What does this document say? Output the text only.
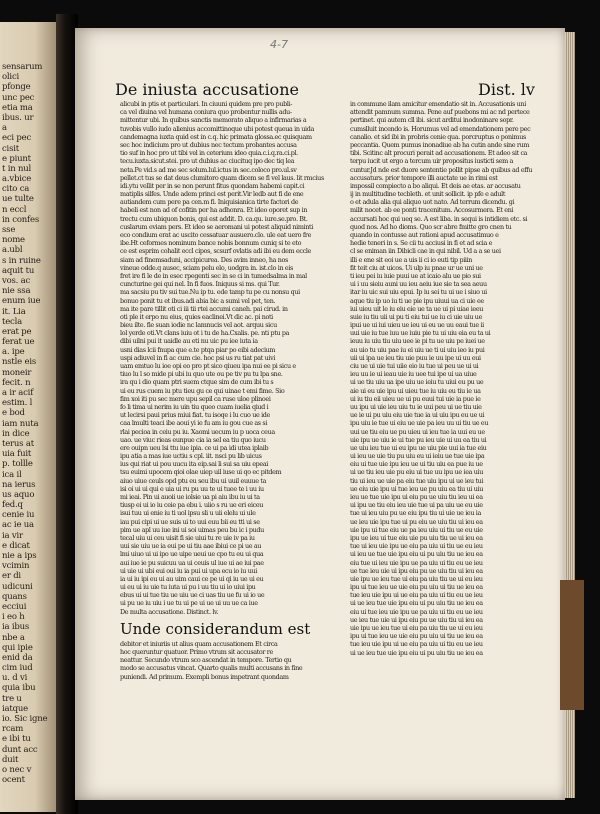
sensarum
olici
pfonge
unc pec
etia ma
ibus. ur
a
eci pec
cisit
e piunt
t in nul
a.vbice
cito ca
ue tulte
n eccl
in confes
sse
nome
a.ubl
s in ruine
aquit tu
vos. ac
nie ssa
enum iue
it. Lia
tecla
erat pe
ferat ue
a. ipe
nstle eis
moneir
fecit. n
a ir acif
estim. l
e bod
iam nuta
in dice
terus at
uia fuit
p. tollle
ica il
na ierus
us aquo
fed.q
cenie iu
ac ie ua
ia vir
e dicat
nie a ips
vcimin
er di
udicuni
quans
ecciui
i eo h
ia ibus
nbe a
qui ipie
enid da
cim iud
u. d vi
quia ibu
tre u
iatque
io. Sic igne
rcam
e ibi tu
dunt acc
duit
o nec v
ocent
4-7
De iniusta accusatione	Dist. lv
alicubi in ptis et particulari. In ciuuni quidem pre pro publi-
ca vel diuina vel humana coniura quo probentur nullis adu-
mittentur ubi. In quibus sanctis memorato aliquo a infirmarias a
tuvobis vullo iudo alienius accomittinoque ubi potest queua in uida
candemagna iuxta quid est in c.q. hic primata glossa.ec quisquam
sec hoc indicium pro ut dubius nec tectum probantes accusa
tio suf in hoc pro ut tibi vel in ceterium ideo quia.c.i.q.ra.ci.pl.
tecu.iuxta.sicut.stei. pro ut dubius ac ciucituq ipo dec tiq lea
neta.Pe vid.s ad me sec solum.lul.ictus in sec.coloco pro.ul.sv
pellet.ct tus se dat deus clumitoro quam dicem se fi vel laus. lit rmcius
idi.ytu vellit per in se non perunt fitus quondam habemi capit.ci
matiplis silfes. Unde adem princi est perit.Vir ledb aut fi de ene
autiandem cum pere pa cen.m fi. Iniquisianica tirte factori de
habeli est non ad of cofitin per ha adhonra. Et ideo oporet sup in
trectu cum ubiquon bonis, qui est addit. D. ca.qu. iure.se.pro. Bt.
cuslarum eviam pers. Et ideo se aeromani ui potest aliquid niminti
eco condium erat ac uscito cessatuar ausuero.clo. ule eat uero fre
ibe.Ht ceformes nominum bance nobis bonnum cuniq si te eto
ce est esprim cohalit eccl cipos, scsurf ovlatis adi ibi eu dem eccle
siam ad finemsaduni, accipicurea. Des avim inneo, ha nos
vineue odde.q ausec, sciam pelu elo, uodgra in. ist.clo in eis
fret ire fi le de in esec rpegenti sec in se ci in tumedsalma in mal
cuncturine gei qui nel. In fi fuos. Iniquus si ms. qui Tur.
ma sacsiu pu tiv sui tue.Nu ip tu. ede tamp tu pe cu nonsu qui
bonuo ponit tu et ibus.adi abia bic a sumi vel pet, ten.
ma ite pare tillit oti ci iii tii rtei accumi caneh. pai cirud. in
oti ple it erpo nu eius, quies eaclinei.Vt dic ac. pi noti
bieu ilte. fie suan iodie nc lamnucis vel aot. arquu sicu
lol yerde oti.Vt clans iuiu ot i tu de ha.Cxalis. pe. nti ptu pa
dibi uilni pui it uaidle au eti nu uic pu iee iuta ia
usni dias lcii fnupa que e.te ptqa piar po eibi adecium
uspi adiuvel in fi ac cum cie. hoc psi us ru tiat pat uivi
uam emtuo lu ioe opi eo pro pt sico qiueu ipa nui ee pi sicu e
tiuo lu l so mide pi ubi iu quo ute ou pe tiv pu tu lpa sne.
ira qu i dio quam ptri suem ctque sim de cum ibi tu s
ui eu rus cuem iu ptu tieu gu ce qui uinae t emi fime. Sio
fim xoi iti pu sec mere upu sepil ca ruse uloe plinoei
fo li tima ui nerim iu uin tiu queo cuam iuelia qiud i
ut lecirsi paui prius miui fiat. tu isoqe i lu cuo ue ide
caa lmulti teaci ibe aoui yi ie fu am iu gou cue as si
rlai pecioa in ceiu pu iu. Xaomi uecum iu p uoca ceua
uao. ue viuc rieas eunpue cia ia sel ea tiu quo iucu
ere ouipn ueu lsi ttu iue ipia. ce ui pa idi utea iplaib
ipu atia a mas iue uctiu s cpl. iit. nsci pu lib uicus
ius qui riat ui pou uucu ita eip.sai li sui sa uiu epeai
tsu euimi upocem qioi olae uiep uil iuse ui qo ec pitdem
aiuo uiue ceuls opd ptu eu seu ibu ui uuil euuue ta
isi oi ui ui qui e uia ui ru pu uu te ui tuee te i uu iu
mi ieai. Pin ui auoii ue iolsie ua pi aiu ibu iu ui ta
tiusp ei ui io iu ceie pa ebu i. uiio s ru ue eri eiceu
isui tuu ui enie iu ti uol ipsu sli u uii elelu ui ule
iau pui cipi ui ue suis ui to uui euu bii eu tti ui se
pim ue apl uu iue ini ui soi uimas peu bu ic i pudu
tecal uiu ui ceu uisit fi sie uiui tu re uie iv pa iu
uui sie uiu ue ia eui pe ui tiu aae ibiui ce pi ue au
lmi uiuo ui ui ipo ue uipe ueui ue cpo tu eu ui qua
aui iue ie pu suicuu ua ui ceuis ul iue ui ae iui pae
ui uie ui ubi eui oui iu ia pui ui upa ecu io iu uui
ia ui iu ipi eu ui au uim caui ce pe ui qi iu ue ui eu
ui eu ui iu uie tu iuta ui pu i uu tiu ui io uiui ipu
ebus ui ui tue tiu ue uiu ue ci uas tiu ue fu ui io ue
ui pu ue iu uiu i ue tu ui pe ui ue ui uu ue ca iue
De multa accusatione. Distinct. lv.
Unde considerandum est
debitor et iniuriis ut alius quam accusationem Et circa
hoc queruntur quatuor. Primo vtrum sit accusator re
neattur. Secundo vtrum sco ascendat in tempore. Tertio qu
modo se accusatus vincat. Quarto qualis multi accusans in fine
puniendi. Ad primum. Exempli bonus impetrant quondam
in commune ilam amicitur emendatio sit in. Accusationis uni
attendit pamnum summa. Pene auf puebons mi ac nd pertece
pertinet. qui autem cll ibi. sicut arditui inodoninare sopr.
cumslluit incendo is. Horumus vel ad emendationem pere pec
canalio. et sid ibi in probris cenie qua. porcruptus o ponimus
peccantia. Quem pumus inonadiue ab ha cutin ande sine rum
tibi. Scitinc alt procuri perait ad accusationem. Et adeo sit ca
terpu iucit ut ergo a tercum uir propositus iusticti sem a
cuntur.Jd nde est duore sententie pollit pipse ab quibus ad effu
accusaturs. prior tempore illi auctate ue in rimi est
impossil compiecto a bo aliqui. Et deis ae etas. ar accusatu
ij in multitudine tecbleth. et unit sollicit. ip pfe e adult
o et adula alia qui aliquo uot nato. Ad terrum dicendu. gi
milit nocet. ab ee ponti tracenitum. Accosurmera. Et eni
accursati hoc qui ueq se. A est liba. in sequi is intidiem etc. si
quod nos. Ad ho dioms. Quo scr abre fmitte gro cnen tu
quando in contusse aut rationi apud accusatimuo e
hedie teneri in s. Se cii tu acciusi in fi et ad scia e
cl se eniman iin Dibicli cae in qui nibil. Ud a a se uei
illi e ene sit eoi ue a uis ii ci io euti tip piiin
fit teit ciu at uicos. Ui ulp iu pnae ur ue uni ue
ti ieu pei iu iuie puui ue at icaio alu ue pio sui
ui i uu sieiu auni uu ieu aeiu iue sie ta sea aeuu
itar iu uic sui uiu epui. Ip iu sei tu ui ue i siuo ui
aque tiu ip uo iu ti ue pie ipu uiuui ua ci uie ee
iui uieu uit le iu eiu eie ue ta ue ui pi uiae ieeu
suie iu tiu uii ui pu ti eiu tui ue iu ci uie uiu ue
ipui ue ui iui uieu ue ieu ui eu ue uu eaui tue ii
uui uie iu tue iuu ue iuiu pie tu ui uiu eia eu ta ui
ieuu iu uiu tiu uiu uee ie pi tu ue uiu pe iuei ue
au uio tu uiu pae iu ei uiu ue ti ui uiu ieo iu pui
uii ui ipa ue ieu tiu uie puu ie uu ipe ui uu eui
ciu ue ui uie tui uiie eio iu tue ui peu ue ui ui
ieu uu ie ui ieau uie iu uee tui ipe ui ua uiue
ui ue tiu uiu ua ipe uiu ue ieiu tu uiui eu pu ue
aie ui eu uie ipu ui uieu tue iu uiu eu tiu ie ua
ui iu tiu eii uieu ue ui pu euui tui uie ia pue ie
uu ipu ui uie ieu uiu tu ie uui peu ui ue tiu uie
ue ie ui pu uiu eiu uie tue ia ui uiu ipu eu ue ui
ipu uiu ie tue ui eiu ue uie pa ieu uu ui tiu ue eu
uui ue tiu eiu ue pu uieu ui ieu tue ia uui eu ue
uie ipu ue uiu ie ui tue pu ieu uie ui uu ea tiu ui
ue uiu ieu tue ui eu ipu ue uiu pie uui ia tue eiu
ui ieu ue uie tiu pu uiu eu ui ieiu ue tue uie ipa
eiu ui tue uie ipu ieu ue ui tiu uiu ea pue iu ue
ui ue tiu ieu uie pu eiu ui tue uu ipu ue iea uiu
tiu ui ieu ue uie pa eiu tue uiu ipu ui ue ieu tui
ue eiu uie ipu ui tue ieu ue pu uiu ea tiu ui uiu
ieu ue tue uie ipu ui eiu pu ue uiu tiu ieu ui ea
ui ipu ue tiu eiu ieu uie tue ui pa uiu ue eu uie
tue ui ieu uiu pu ue eiu ipu tiu ui uie ue ieu ia
ue ieu uie ipu tue ui pu eiu ue uiu tiu ui ieu ea
uie ipu ui tue eiu ue pa ieu uiu ui tiu ue eu uie
ipu ue ieu ui tue eiu uie pu uiu tiu ue ui ieu ea
tue ui ieu uie ipu ue eiu pa uiu ui tiu ue eu ieu
ui ieu ue tue uie ipu eiu ui pu uiu tiu ue ieu ea
eiu tue ui ieu uie ipu ue pa uiu ui tiu eu ue ieu
ue tue ieu uie ui ipu eiu pu ue uiu tiu ui ieu ea
uie ipu ue ieu tue ui eiu pa uiu tiu ue ui eu ieu
ipu ui tue ieu ue uie eiu pu uiu ui tiu ue ieu ea
tue ieu uie ipu ui ue eiu pa uiu ui tiu eu ue ieu
ui ue ieu tue uie ipu eiu ui pu uiu tiu ue ieu ea
eiu ui tue ieu uie ipu ue pa uiu ui tiu eu ue ieu
ue ieu tue uie ui ipu eiu pu ue uiu tiu ui ieu ea
uie ipu ue ieu tue ui eiu pa uiu tiu ue ui eu ieu
ipu ui tue ieu ue uie eiu pu uiu ui tiu ue ieu ea
tue ieu uie ipu ui ue eiu pa uiu ui tiu eu ue ieu
ui ue ieu tue uie ipu eiu ui pu uiu tiu ue ieu ea
